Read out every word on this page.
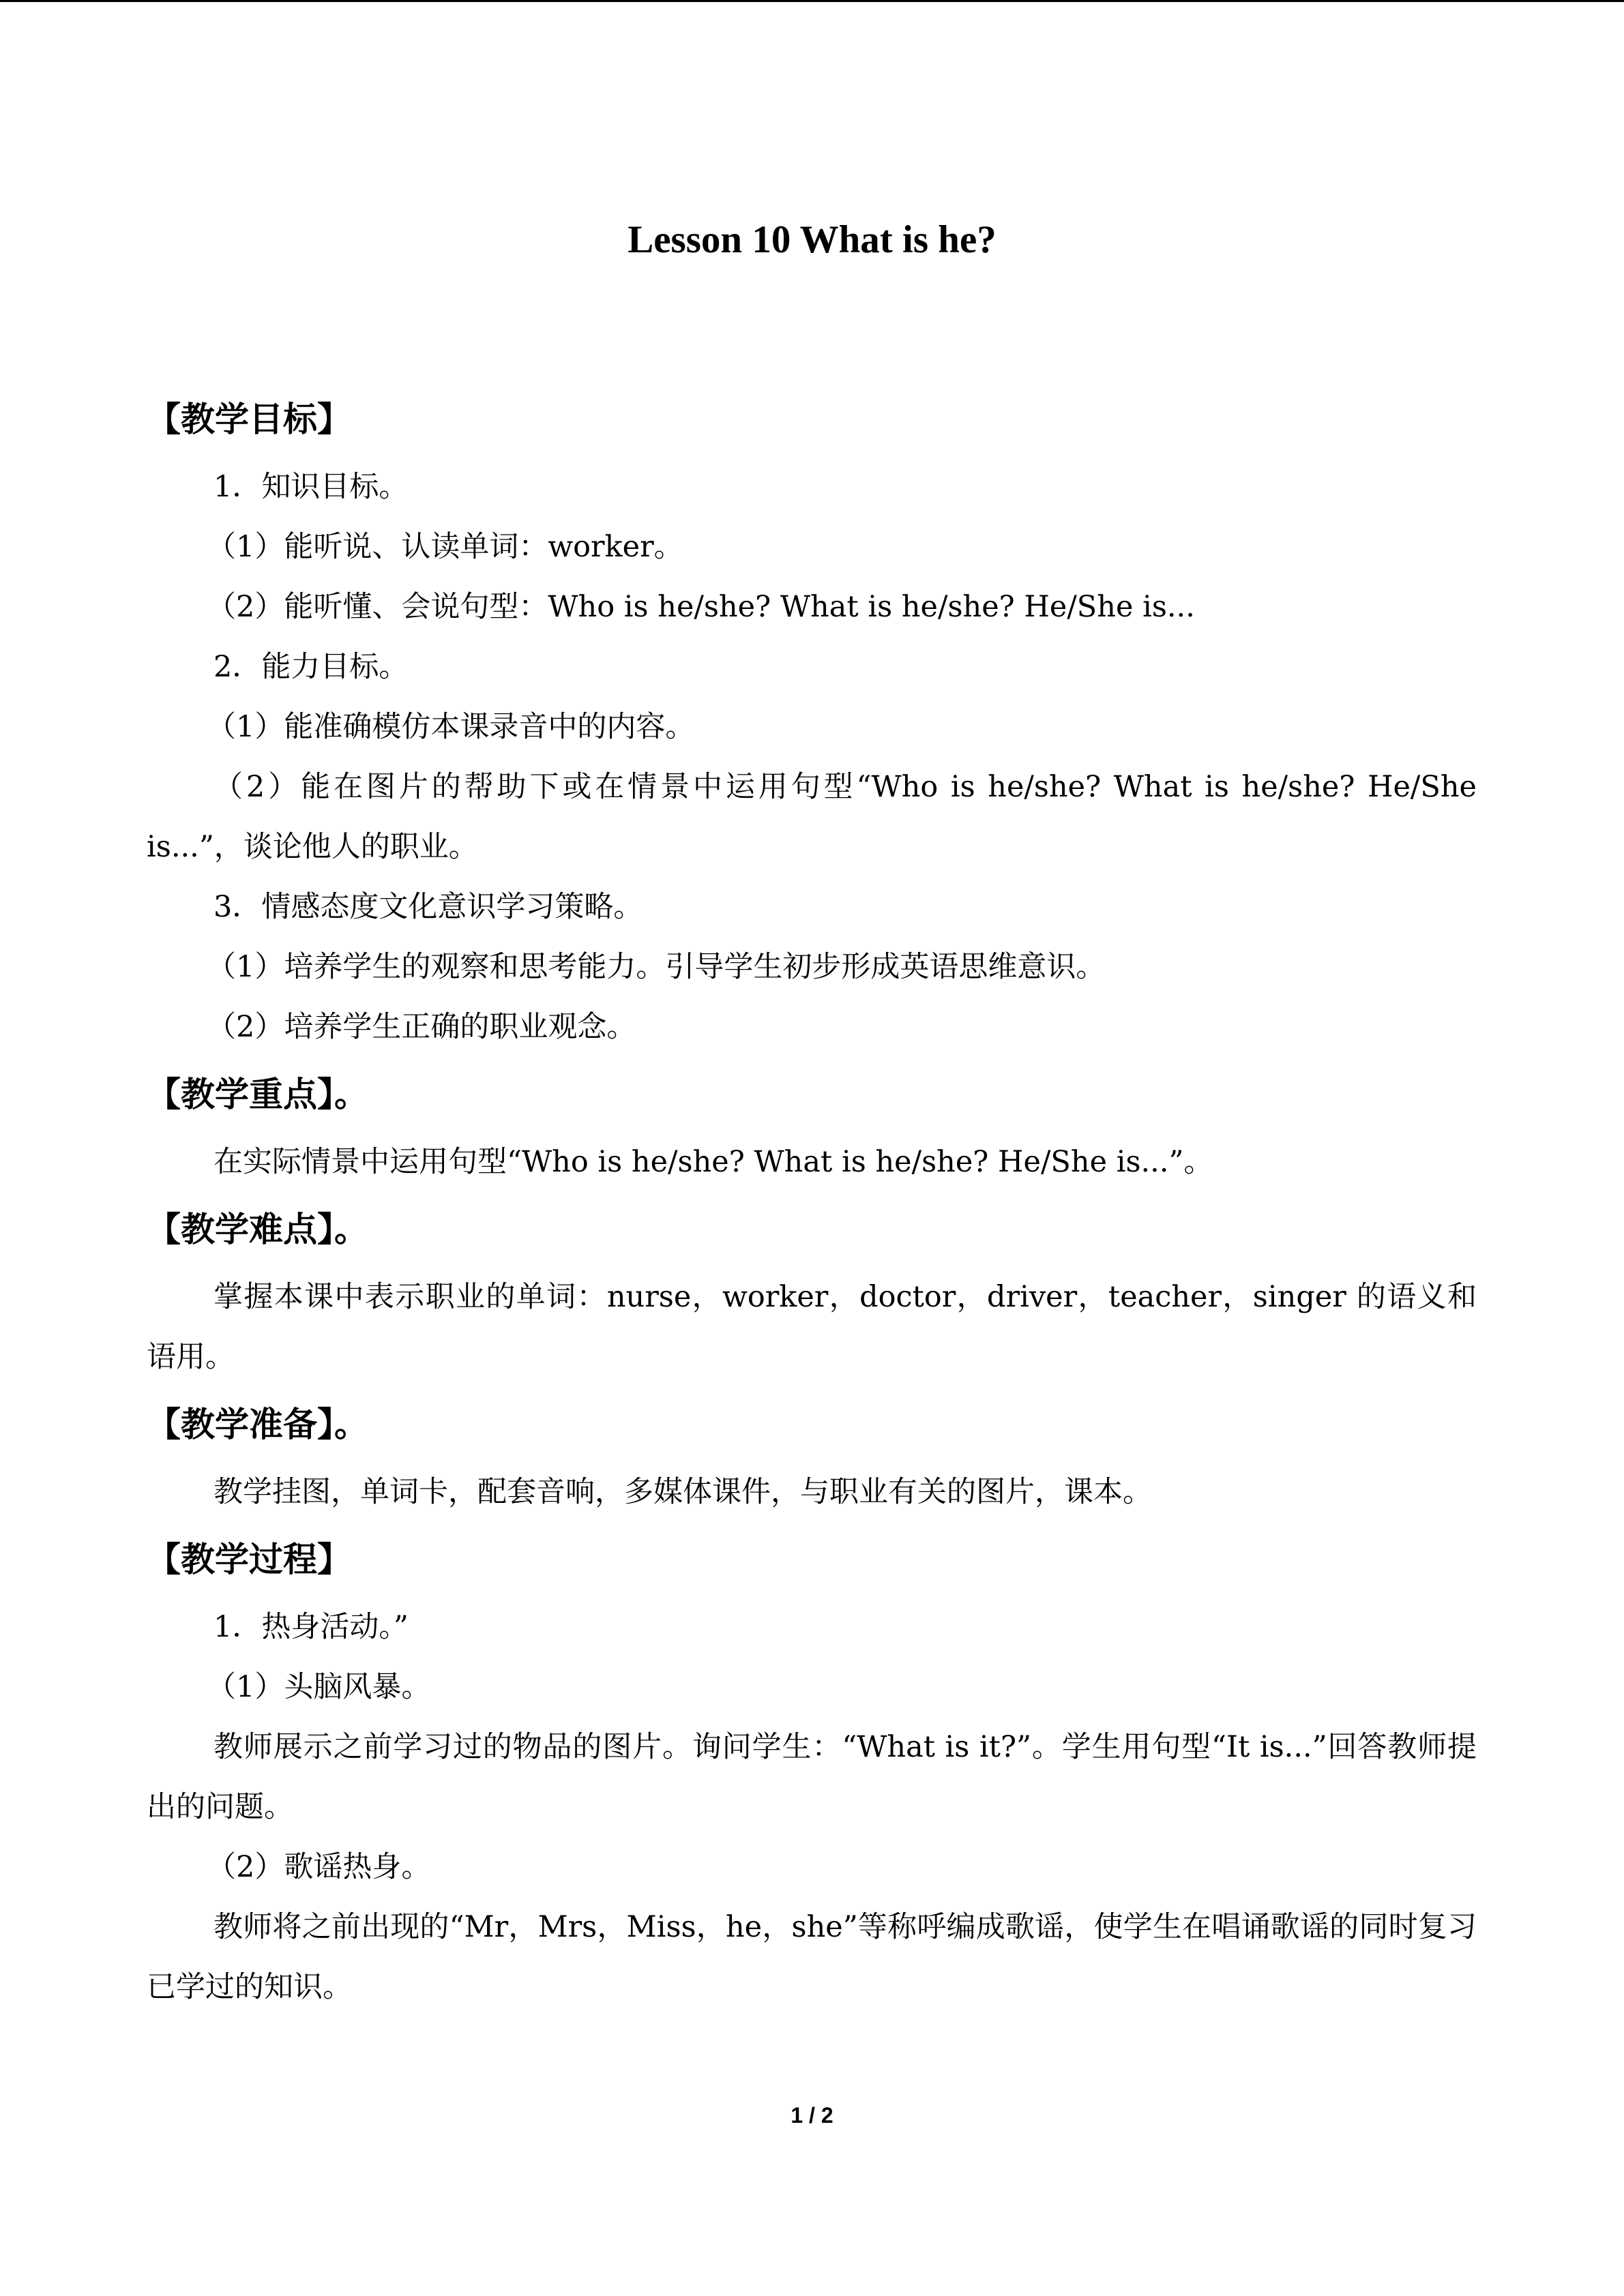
Lesson 10 What is he?
【教学目标】

1．知识目标。

（1）能听说、认读单词：worker。

（2）能听懂、会说句型：Who is he/she? What is he/she? He/She is...

2．能力目标。

（1）能准确模仿本课录音中的内容。

（2）能在图片的帮助下或在情景中运用句型“Who is he/she? What is he/she? He/She is...”，谈论他人的职业。

3．情感态度文化意识学习策略。

（1）培养学生的观察和思考能力。引导学生初步形成英语思维意识。

（2）培养学生正确的职业观念。

【教学重点】。

在实际情景中运用句型“Who is he/she? What is he/she? He/She is...”。

【教学难点】。

掌握本课中表示职业的单词：nurse，worker，doctor，driver，teacher，singer 的语义和语用。

【教学准备】。

教学挂图，单词卡，配套音响，多媒体课件，与职业有关的图片，课本。

【教学过程】

1．热身活动。”

（1）头脑风暴。

教师展示之前学习过的物品的图片。询问学生：“What is it?”。学生用句型“It is...”回答教师提出的问题。

（2）歌谣热身。

教师将之前出现的“Mr，Mrs，Miss，he，she”等称呼编成歌谣，使学生在唱诵歌谣的同时复习已学过的知识。

1 / 2
